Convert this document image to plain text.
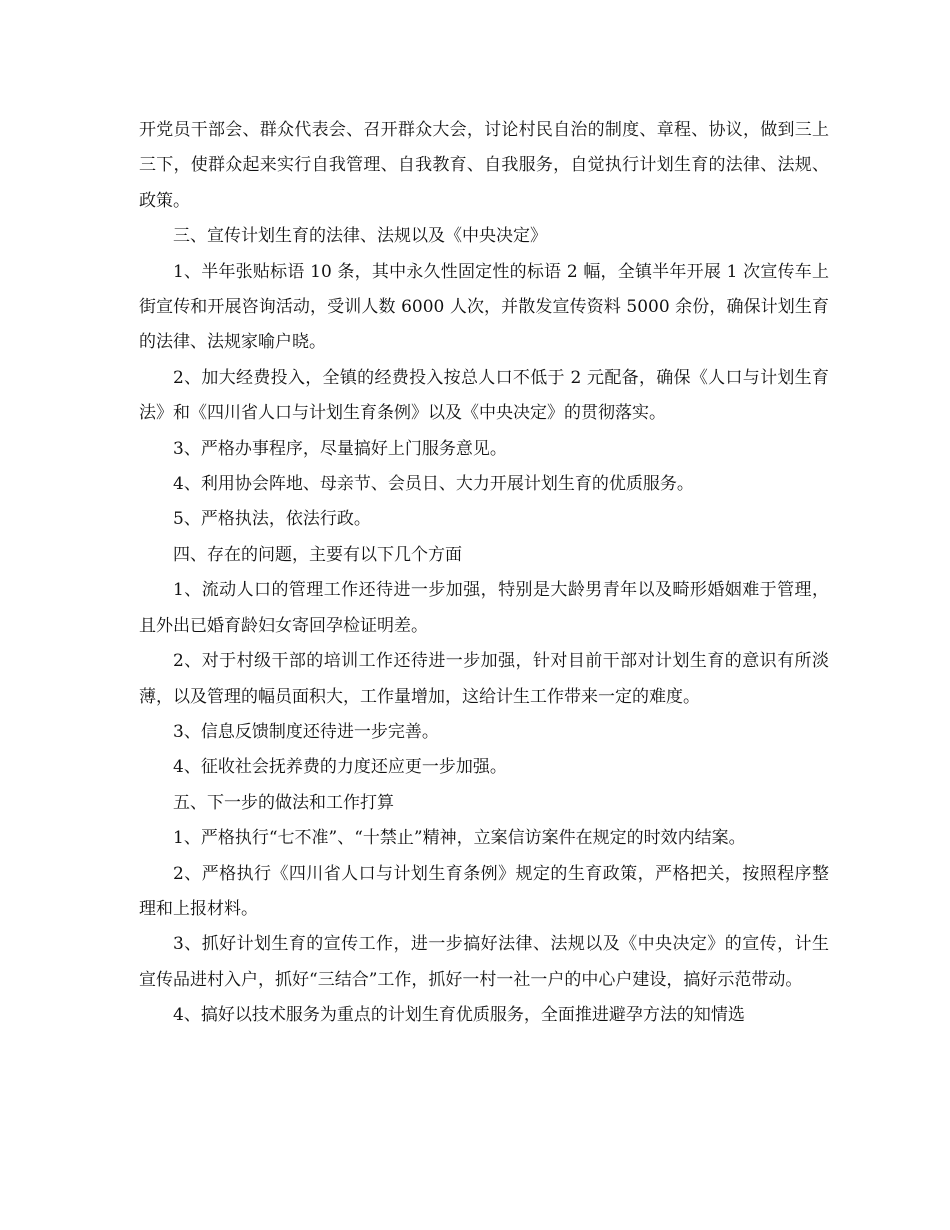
开党员干部会、群众代表会、召开群众大会，讨论村民自治的制度、章程、协议，做到三上三下，使群众起来实行自我管理、自我教育、自我服务，自觉执行计划生育的法律、法规、政策。

三、宣传计划生育的法律、法规以及《中央决定》

1、半年张贴标语 10 条，其中永久性固定性的标语 2 幅，全镇半年开展 1 次宣传车上街宣传和开展咨询活动，受训人数 6000 人次，并散发宣传资料 5000 余份，确保计划生育的法律、法规家喻户晓。

2、加大经费投入，全镇的经费投入按总人口不低于 2 元配备，确保《人口与计划生育法》和《四川省人口与计划生育条例》以及《中央决定》的贯彻落实。

3、严格办事程序，尽量搞好上门服务意见。

4、利用协会阵地、母亲节、会员日、大力开展计划生育的优质服务。

5、严格执法，依法行政。

四、存在的问题，主要有以下几个方面

1、流动人口的管理工作还待进一步加强，特别是大龄男青年以及畸形婚姻难于管理，且外出已婚育龄妇女寄回孕检证明差。

2、对于村级干部的培训工作还待进一步加强，针对目前干部对计划生育的意识有所淡薄，以及管理的幅员面积大，工作量增加，这给计生工作带来一定的难度。

3、信息反馈制度还待进一步完善。

4、征收社会抚养费的力度还应更一步加强。

五、下一步的做法和工作打算

1、严格执行“七不准”、“十禁止”精神，立案信访案件在规定的时效内结案。

2、严格执行《四川省人口与计划生育条例》规定的生育政策，严格把关，按照程序整理和上报材料。

3、抓好计划生育的宣传工作，进一步搞好法律、法规以及《中央决定》的宣传，计生宣传品进村入户，抓好“三结合”工作，抓好一村一社一户的中心户建设，搞好示范带动。

4、搞好以技术服务为重点的计划生育优质服务，全面推进避孕方法的知情选
